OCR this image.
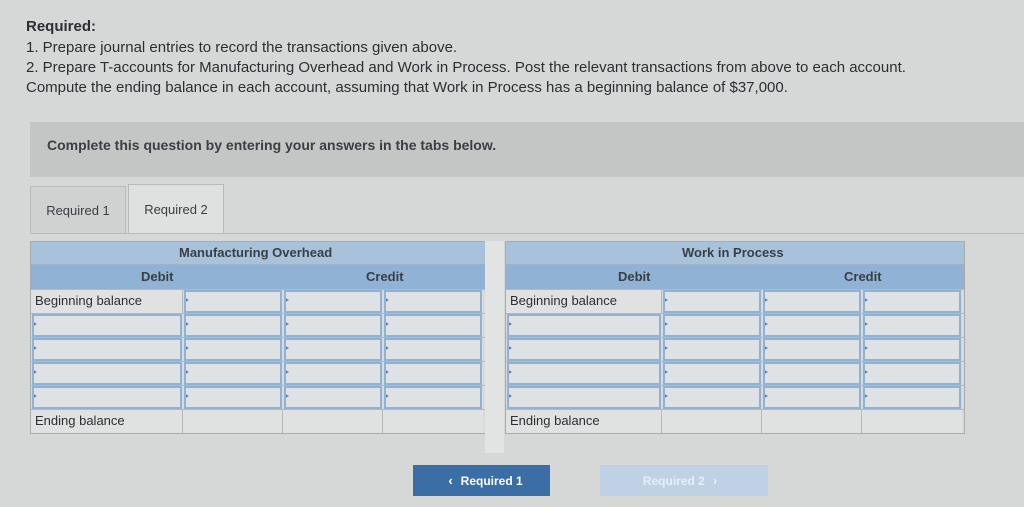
Required:
1. Prepare journal entries to record the transactions given above.
2. Prepare T-accounts for Manufacturing Overhead and Work in Process. Post the relevant transactions from above to each account.
Compute the ending balance in each account, assuming that Work in Process has a beginning balance of $37,000.
Complete this question by entering your answers in the tabs below.
Required 1	Required 2
Manufacturing Overhead
Debit	Credit
Beginning balance
Ending balance
Work in Process
Debit	Credit
Beginning balance
Ending balance
‹ Required 1	Required 2 ›
